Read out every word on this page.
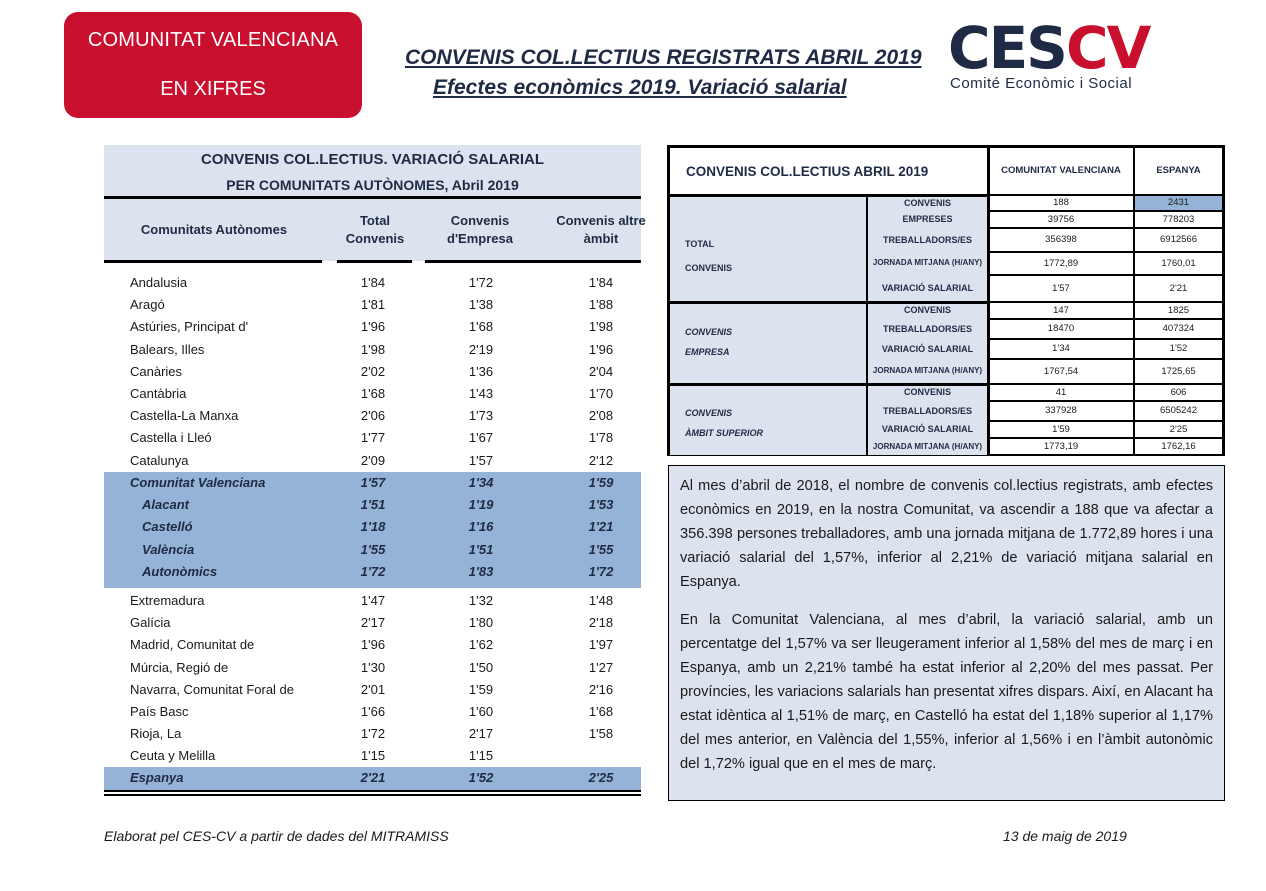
COMUNITAT VALENCIANA
EN XIFRES
CONVENIS COL.LECTIUS REGISTRATS ABRIL 2019
Efectes econòmics 2019. Variació salarial
CESCV
Comité Econòmic i Social
CONVENIS COL.LECTIUS. VARIACIÓ SALARIAL
PER COMUNITATS AUTÒNOMES, Abril 2019
Comunitats Autònomes
Total
Convenis
Convenis
d'Empresa
Convenis altre
àmbit
Andalusia	1'84	1'72	1'84
Aragó	1'81	1'38	1'88
Astúries, Principat d'	1'96	1'68	1'98
Balears, Illes	1'98	2'19	1'96
Canàries	2'02	1'36	2'04
Cantàbria	1'68	1'43	1'70
Castella-La Manxa	2'06	1'73	2'08
Castella i Lleó	1'77	1'67	1'78
Catalunya	2'09	1'57	2'12
Comunitat Valenciana	1'57	1'34	1'59
Alacant	1'51	1'19	1'53
Castelló	1'18	1'16	1'21
València	1'55	1'51	1'55
Autonòmics	1'72	1'83	1'72
Extremadura	1'47	1'32	1'48
Galícia	2'17	1'80	2'18
Madrid, Comunitat de	1'96	1'62	1'97
Múrcia, Regió de	1'30	1'50	1'27
Navarra, Comunitat Foral de	2'01	1'59	2'16
País Basc	1'66	1'60	1'68
Rioja, La	1'72	2'17	1'58
Ceuta y Melilla	1'15	1'15
Espanya	2'21	1'52	2'25
CONVENIS COL.LECTIUS ABRIL 2019	COMUNITAT VALENCIANA	ESPANYA
TOTAL
CONVENIS
CONVENIS	188	2431
EMPRESES	39756	778203
TREBALLADORS/ES	356398	6912566
JORNADA MITJANA (H/ANY)	1772,89	1760,01
VARIACIÓ SALARIAL	1'57	2'21
CONVENIS
EMPRESA
CONVENIS	147	1825
TREBALLADORS/ES	18470	407324
VARIACIÓ SALARIAL	1'34	1'52
JORNADA MITJANA (H/ANY)	1767,54	1725,65
CONVENIS
ÀMBIT SUPERIOR
CONVENIS	41	606
TREBALLADORS/ES	337928	6505242
VARIACIÓ SALARIAL	1'59	2'25
JORNADA MITJANA (H/ANY)	1773,19	1762,16

Al mes d’abril de 2018, el nombre de convenis col.lectius registrats, amb efectes econòmics en 2019, en la nostra Comunitat, va ascendir a 188 que va afectar a 356.398 persones treballadores, amb una jornada mitjana de 1.772,89 hores i una variació salarial del 1,57%, inferior al 2,21% de variació mitjana salarial en Espanya.

En la Comunitat Valenciana, al mes d’abril, la variació salarial, amb un percentatge del 1,57% va ser lleugerament inferior al 1,58% del mes de març i en Espanya, amb un 2,21% també ha estat inferior al 2,20% del mes passat. Per províncies, les variacions salarials han presentat xifres dispars. Així, en Alacant ha estat idèntica al 1,51% de març, en Castelló ha estat del 1,18% superior al 1,17% del mes anterior, en València del 1,55%, inferior al 1,56% i en l’àmbit autonòmic del 1,72% igual que en el mes de març.

Elaborat pel CES-CV a partir de dades del MITRAMISS	13 de maig de 2019
